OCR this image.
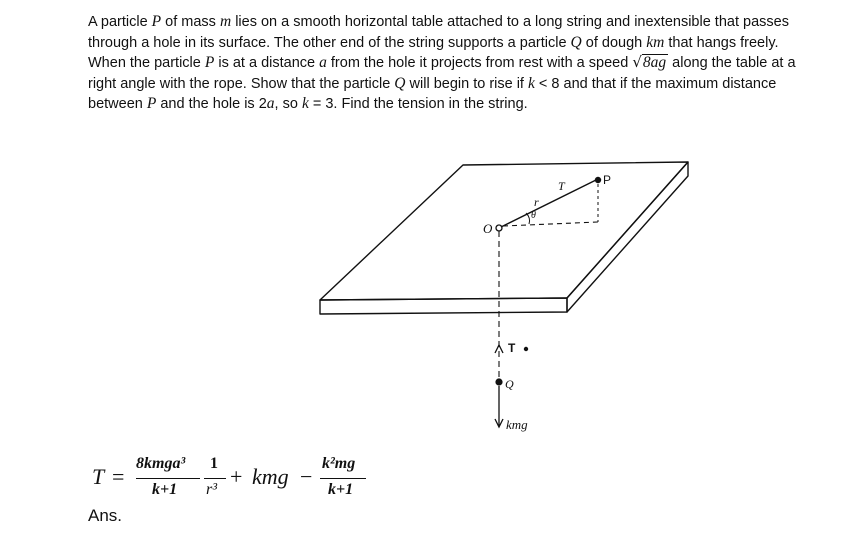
A particle P of mass m lies on a smooth horizontal table attached to a long string and inextensible that passes through a hole in its surface. The other end of the string supports a particle Q of dough km that hangs freely.

When the particle P is at a distance a from the hole it projects from rest with a speed √8ag along the table at a right angle with the rope. Show that the particle Q will begin to rise if k < 8 and that if the maximum distance between P and the hole is 2a, so k = 3. Find the tension in the string.

O
r
θ
T	P
T
Q
kmg
T =
8kmga³
k+1
1
r³
+ kmg −
k²mg
k+1
Ans.
